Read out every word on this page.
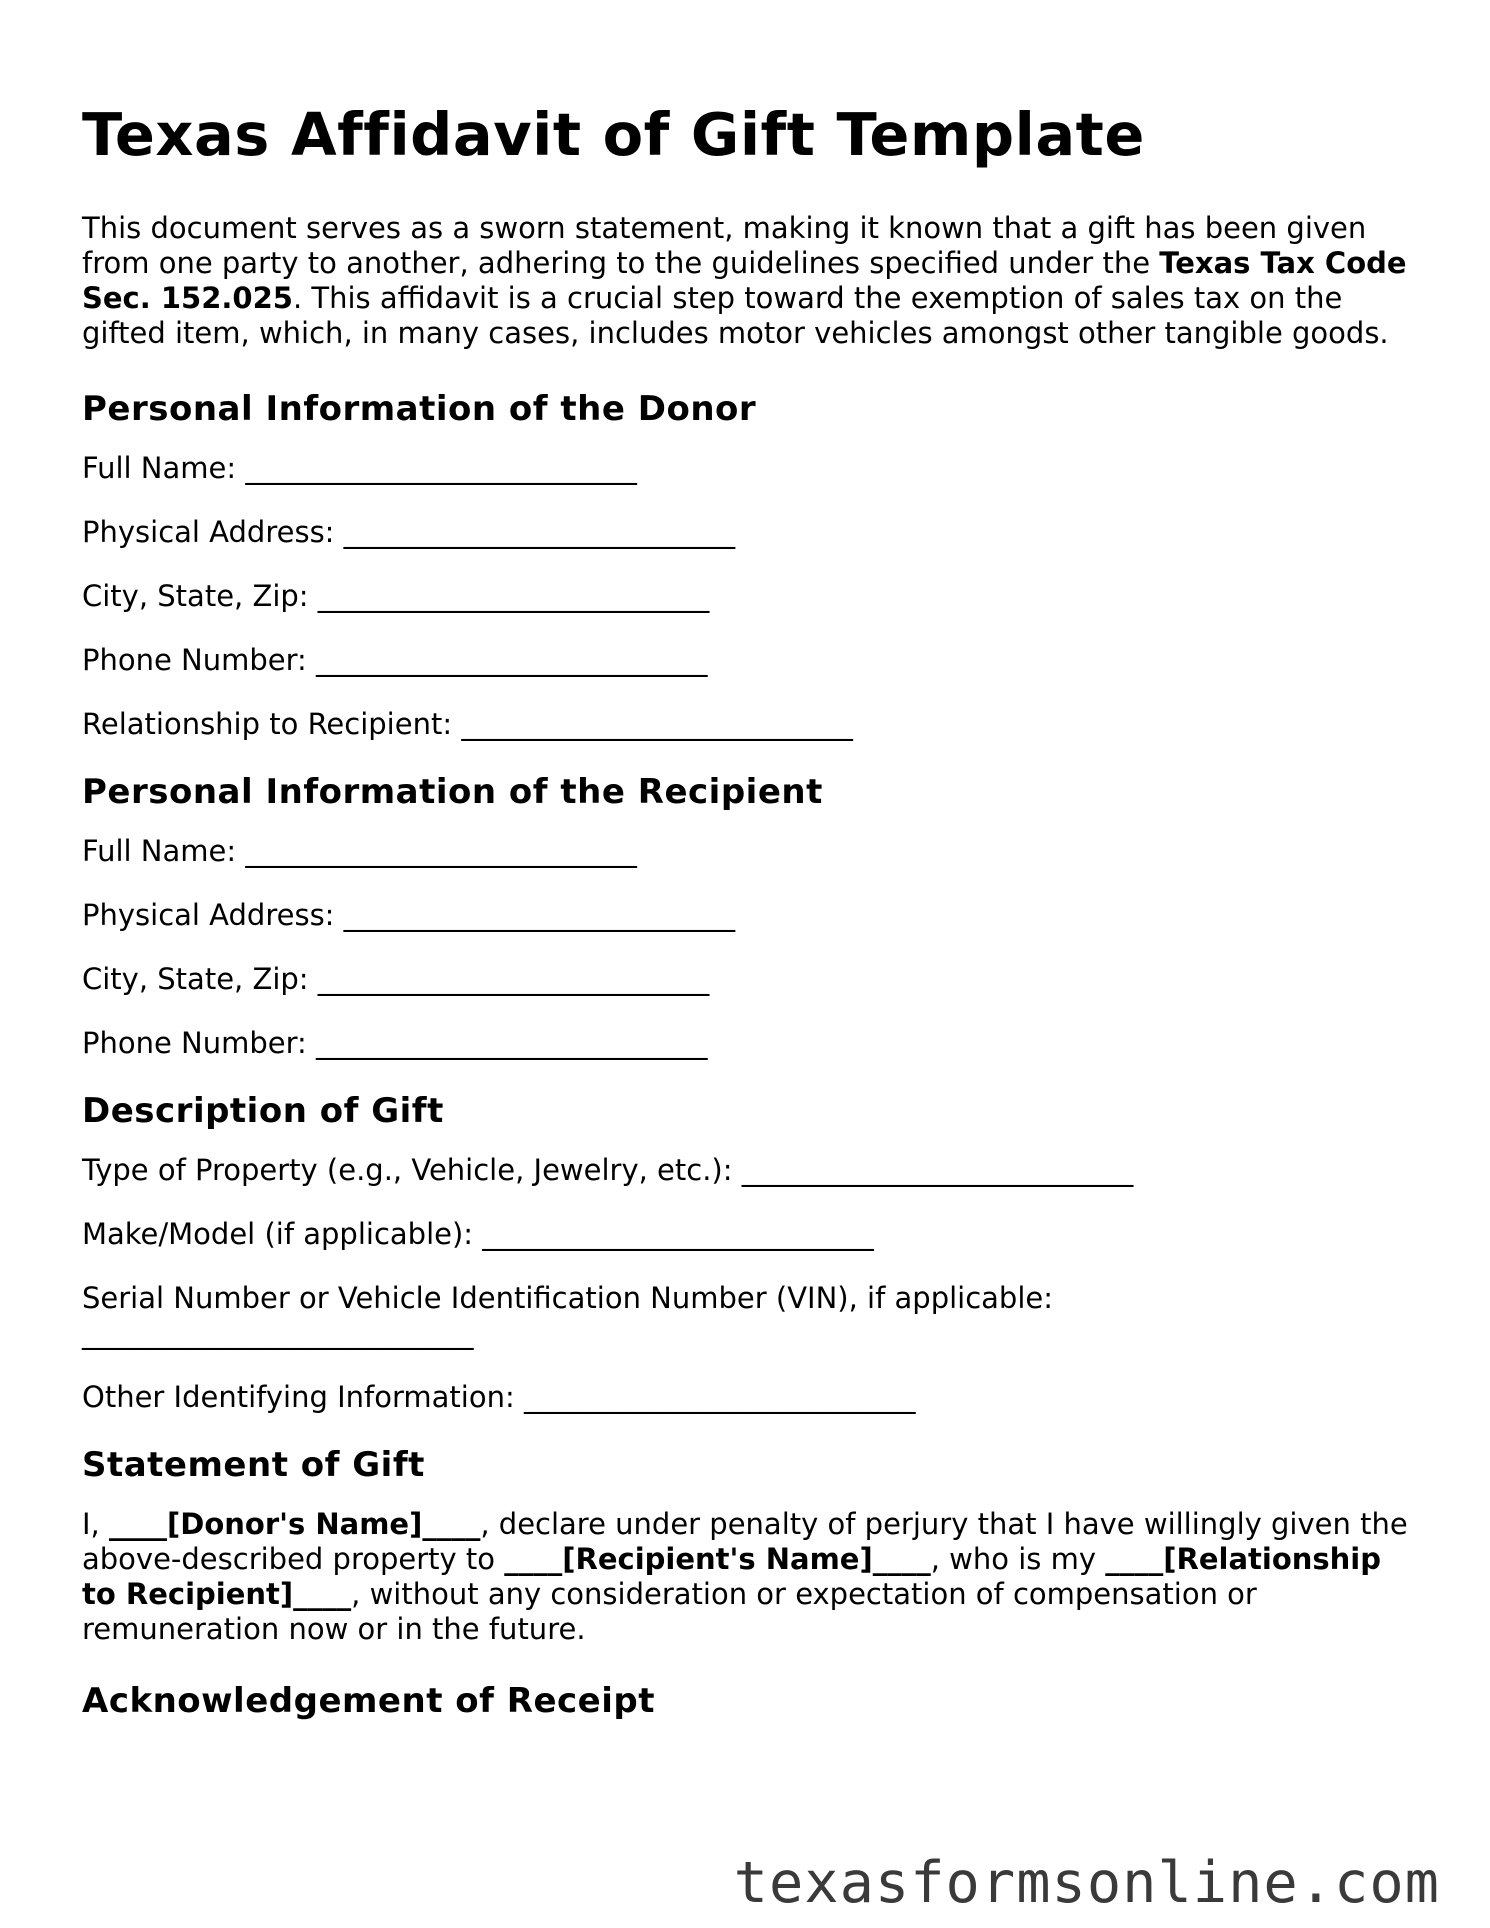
Texas Affidavit of Gift Template

This document serves as a sworn statement, making it known that a gift has been given from one party to another, adhering to the guidelines specified under the Texas Tax Code Sec. 152.025. This affidavit is a crucial step toward the exemption of sales tax on the gifted item, which, in many cases, includes motor vehicles amongst other tangible goods.

Personal Information of the Donor

Full Name: ___________________________

Physical Address: ___________________________

City, State, Zip: ___________________________

Phone Number: ___________________________

Relationship to Recipient: ___________________________

Personal Information of the Recipient

Full Name: ___________________________

Physical Address: ___________________________

City, State, Zip: ___________________________

Phone Number: ___________________________

Description of Gift

Type of Property (e.g., Vehicle, Jewelry, etc.): ___________________________

Make/Model (if applicable): ___________________________

Serial Number or Vehicle Identification Number (VIN), if applicable:
___________________________

Other Identifying Information: ___________________________

Statement of Gift

I, ____[Donor's Name]____, declare under penalty of perjury that I have willingly given the above-described property to ____[Recipient's Name]____, who is my ____[Relationship to Recipient]____, without any consideration or expectation of compensation or remuneration now or in the future.

Acknowledgement of Receipt
texasformsonline.com
